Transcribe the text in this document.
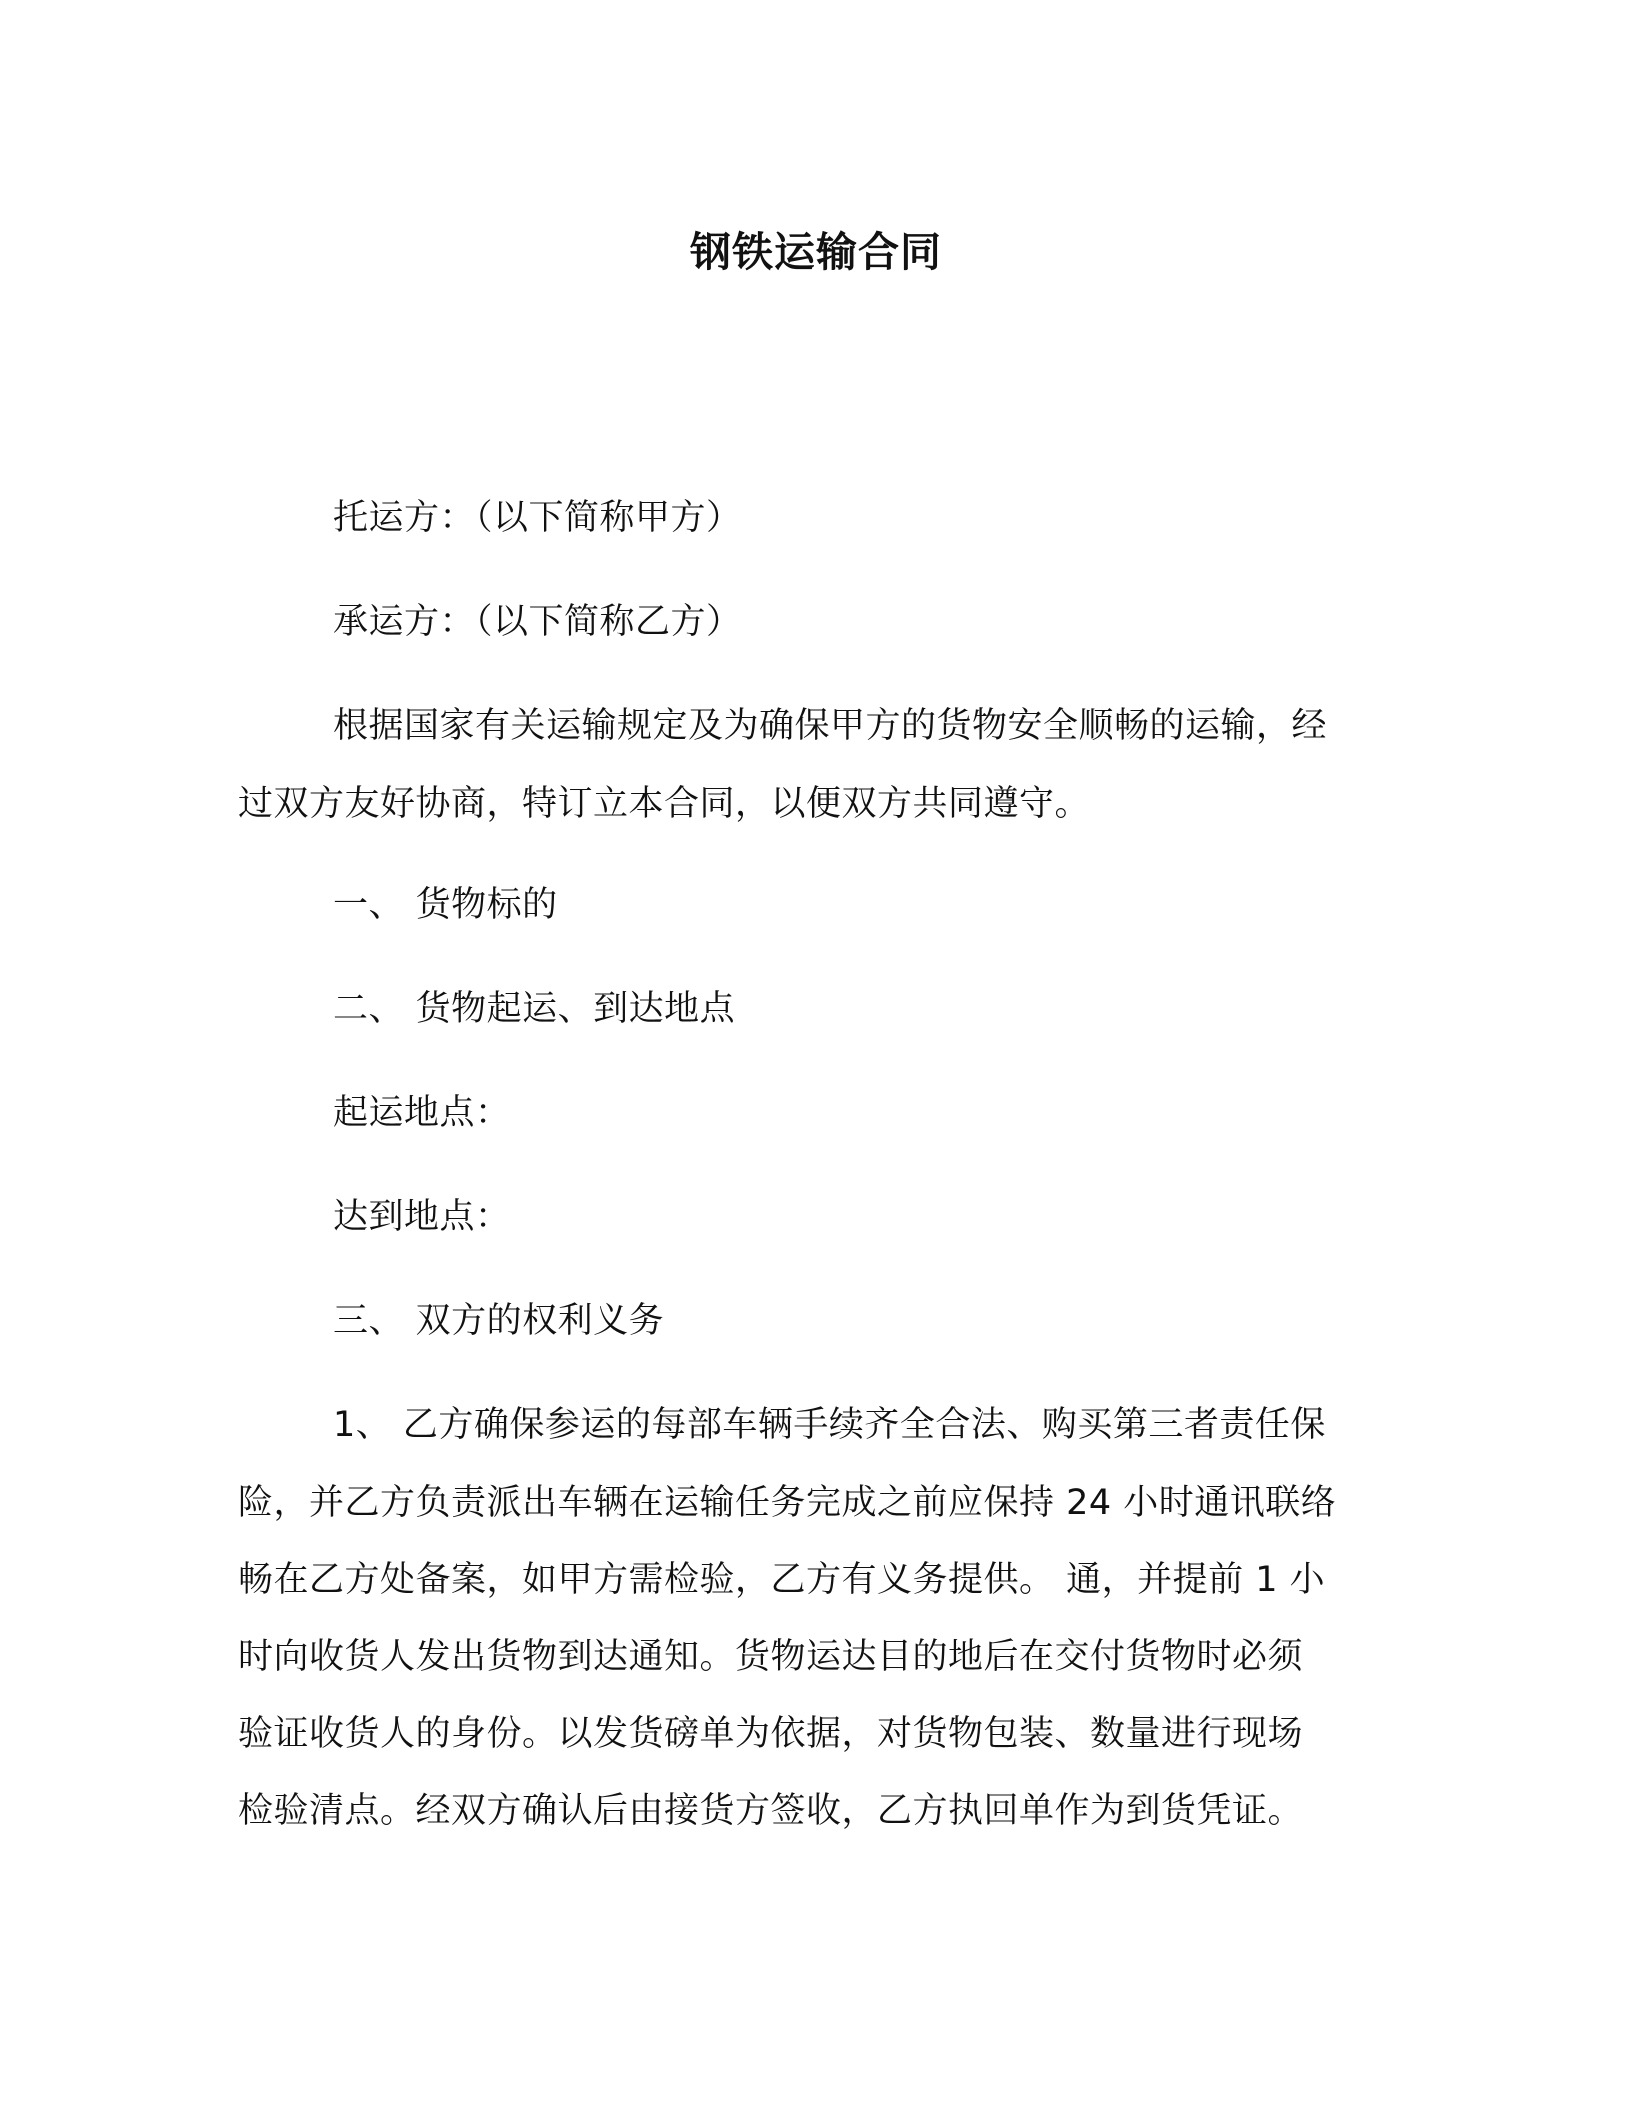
钢铁运输合同
托运方：（以下简称甲方）
承运方：（以下简称乙方）
根据国家有关运输规定及为确保甲方的货物安全顺畅的运输，经
过双方友好协商，特订立本合同，以便双方共同遵守。
一、 货物标的
二、 货物起运、到达地点
起运地点：
达到地点：
三、 双方的权利义务
1、 乙方确保参运的每部车辆手续齐全合法、购买第三者责任保
险，并乙方负责派出车辆在运输任务完成之前应保持 24 小时通讯联络
畅在乙方处备案，如甲方需检验，乙方有义务提供。 通，并提前 1 小
时向收货人发出货物到达通知。货物运达目的地后在交付货物时必须
验证收货人的身份。以发货磅单为依据，对货物包装、数量进行现场
检验清点。经双方确认后由接货方签收，乙方执回单作为到货凭证。
